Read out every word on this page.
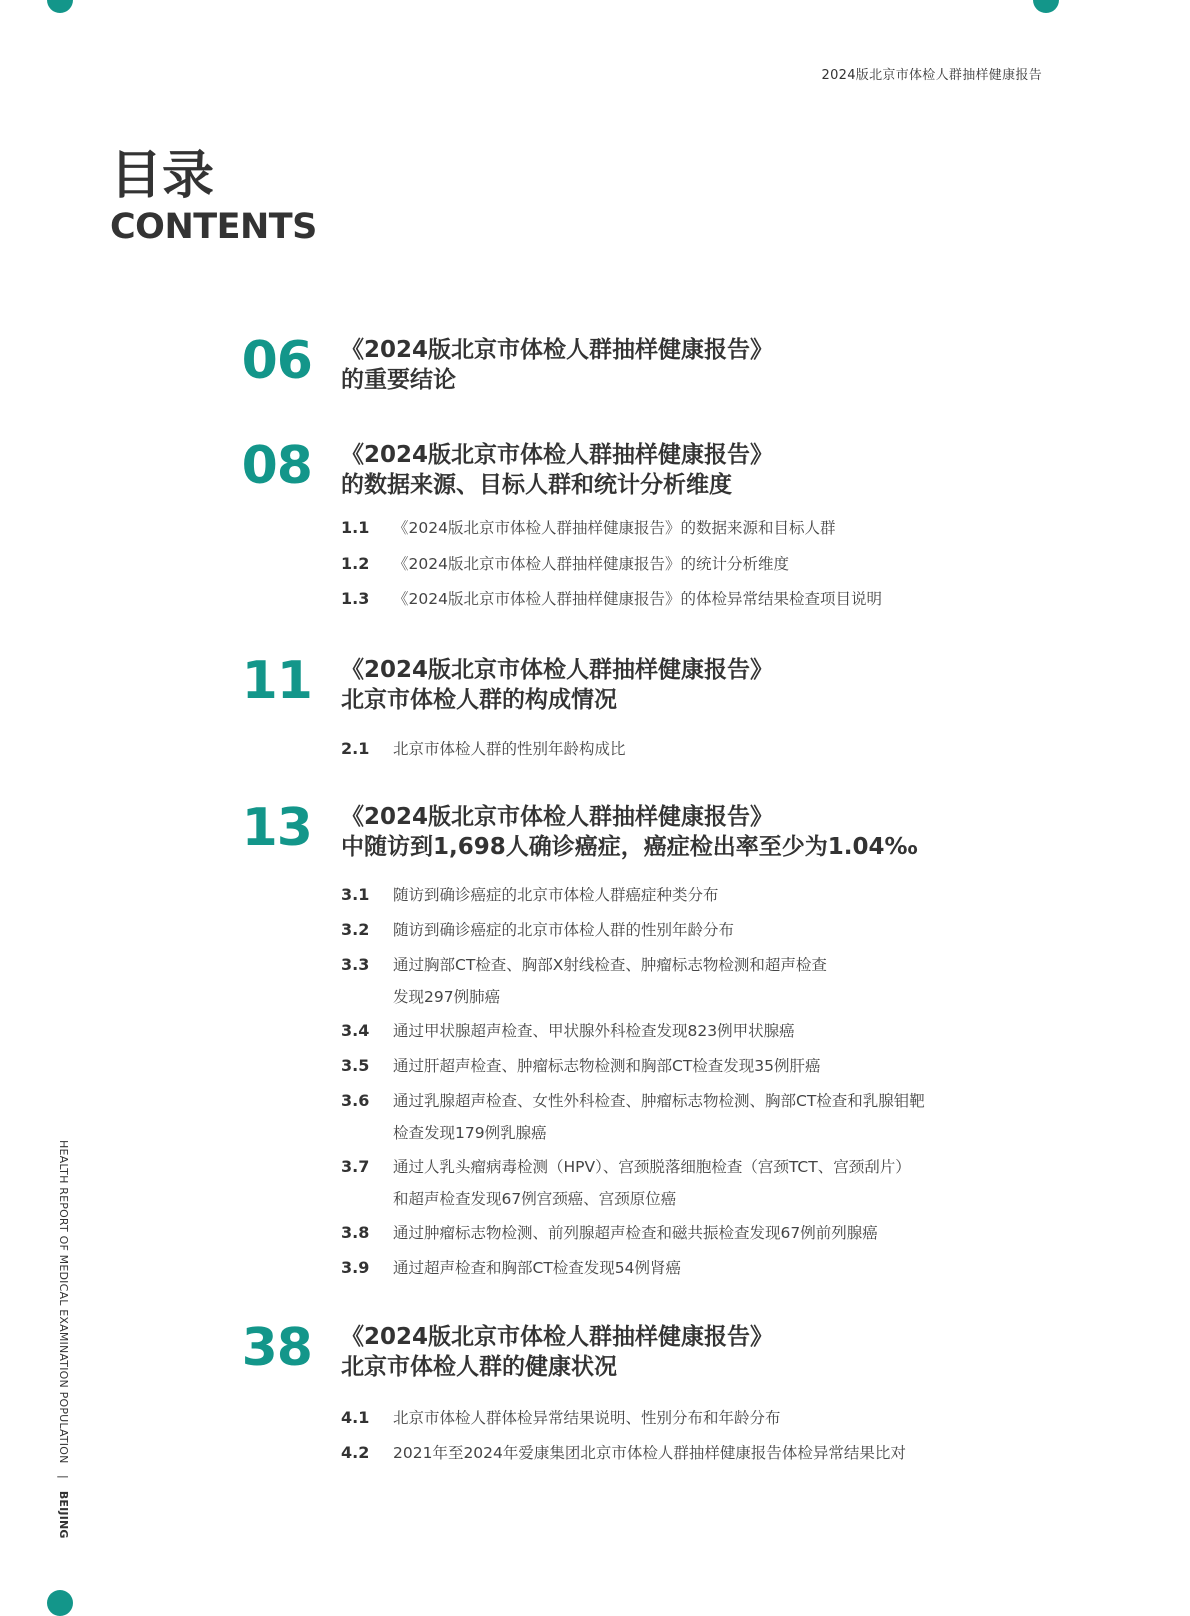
2024版北京市体检人群抽样健康报告
目录
CONTENTS
06 《2024版北京市体检人群抽样健康报告》
的重要结论
08 《2024版北京市体检人群抽样健康报告》
的数据来源、目标人群和统计分析维度
1.1 《2024版北京市体检人群抽样健康报告》的数据来源和目标人群
1.2 《2024版北京市体检人群抽样健康报告》的统计分析维度
1.3 《2024版北京市体检人群抽样健康报告》的体检异常结果检查项目说明
11 《2024版北京市体检人群抽样健康报告》
北京市体检人群的构成情况
2.1 北京市体检人群的性别年龄构成比
13 《2024版北京市体检人群抽样健康报告》
中随访到1,698人确诊癌症，癌症检出率至少为1.04‰
3.1 随访到确诊癌症的北京市体检人群癌症种类分布
3.2 随访到确诊癌症的北京市体检人群的性别年龄分布
3.3 通过胸部CT检查、胸部X射线检查、肿瘤标志物检测和超声检查
发现297例肺癌
3.4 通过甲状腺超声检查、甲状腺外科检查发现823例甲状腺癌
3.5 通过肝超声检查、肿瘤标志物检测和胸部CT检查发现35例肝癌
3.6 通过乳腺超声检查、女性外科检查、肿瘤标志物检测、胸部CT检查和乳腺钼靶
检查发现179例乳腺癌
3.7 通过人乳头瘤病毒检测（HPV）、宫颈脱落细胞检查（宫颈TCT、宫颈刮片）
和超声检查发现67例宫颈癌、宫颈原位癌
3.8 通过肿瘤标志物检测、前列腺超声检查和磁共振检查发现67例前列腺癌
3.9 通过超声检查和胸部CT检查发现54例肾癌
38 《2024版北京市体检人群抽样健康报告》
北京市体检人群的健康状况
4.1 北京市体检人群体检异常结果说明、性别分布和年龄分布
4.2 2021年至2024年爱康集团北京市体检人群抽样健康报告体检异常结果比对
HEALTH REPORT OF MEDICAL EXAMINATION POPULATION | BEIJING
